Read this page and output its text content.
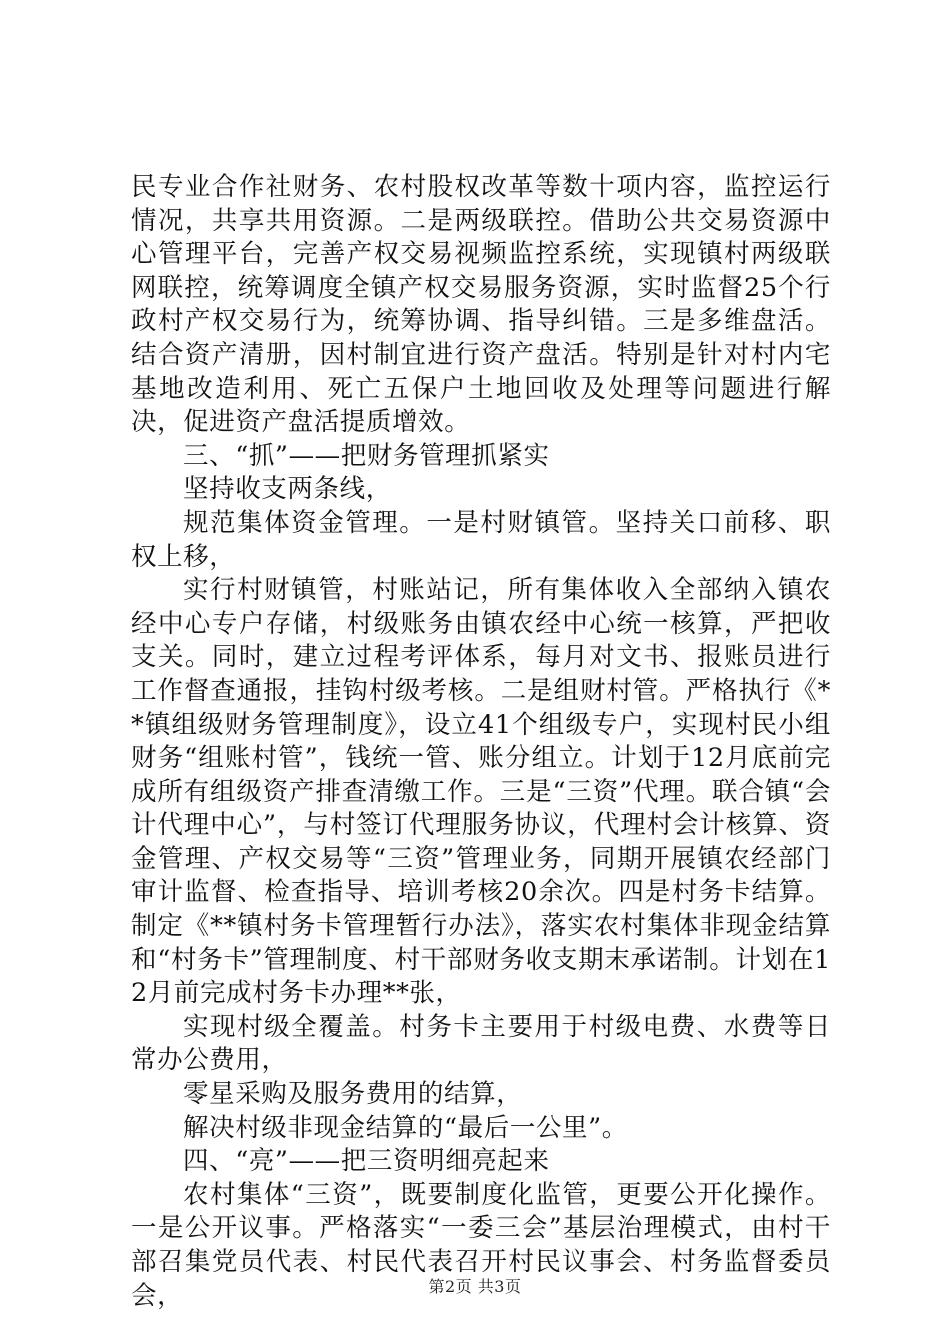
民专业合作社财务、农村股权改革等数十项内容，监控运行情况，共享共用资源。二是两级联控。借助公共交易资源中心管理平台，完善产权交易视频监控系统，实现镇村两级联网联控，统筹调度全镇产权交易服务资源，实时监督25个行政村产权交易行为，统筹协调、指导纠错。三是多维盘活。结合资产清册，因村制宜进行资产盘活。特别是针对村内宅基地改造利用、死亡五保户土地回收及处理等问题进行解决，促进资产盘活提质增效。

三、“抓”——把财务管理抓紧实

坚持收支两条线，

规范集体资金管理。一是村财镇管。坚持关口前移、职权上移，

实行村财镇管，村账站记，所有集体收入全部纳入镇农经中心专户存储，村级账务由镇农经中心统一核算，严把收支关。同时，建立过程考评体系，每月对文书、报账员进行工作督查通报，挂钩村级考核。二是组财村管。严格执行《**镇组级财务管理制度》，设立41个组级专户，实现村民小组财务“组账村管”，钱统一管、账分组立。计划于12月底前完成所有组级资产排查清缴工作。三是“三资”代理。联合镇“会计代理中心”，与村签订代理服务协议，代理村会计核算、资金管理、产权交易等“三资”管理业务，同期开展镇农经部门审计监督、检查指导、培训考核20余次。四是村务卡结算。制定《**镇村务卡管理暂行办法》，落实农村集体非现金结算和“村务卡”管理制度、村干部财务收支期末承诺制。计划在12月前完成村务卡办理**张，

实现村级全覆盖。村务卡主要用于村级电费、水费等日常办公费用，

零星采购及服务费用的结算，

解决村级非现金结算的“最后一公里”。

四、“亮”——把三资明细亮起来

农村集体“三资”，既要制度化监管，更要公开化操作。一是公开议事。严格落实“一委三会”基层治理模式，由村干部召集党员代表、村民代表召开村民议事会、村务监督委员会，	第2页 共3页
